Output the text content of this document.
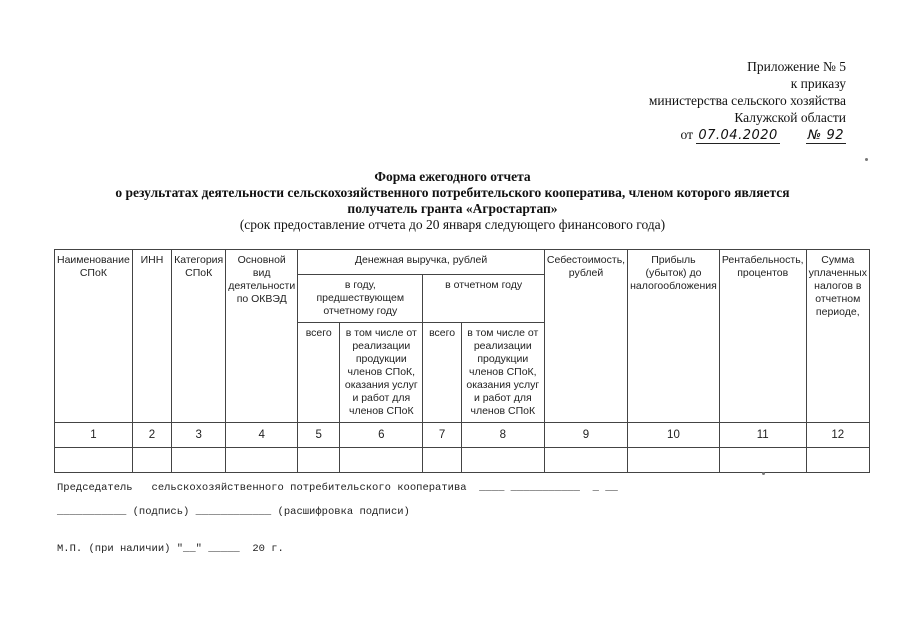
Приложение № 5
к приказу
министерства сельского хозяйства
Калужской области
от 07.04.2020 № 92
Форма ежегодного отчета
о результатах деятельности сельскохозяйственного потребительского кооператива, членом которого является
получатель гранта «Агростартап»
(срок предоставление отчета до 20 января следующего финансового года)
Наименование СПоК	ИНН	Категория СПоК	Основной вид деятельности по ОКВЭД	Денежная выручка, рублей				Себестоимость, рублей	Прибыль (убыток) до налогообложения	Рентабельность, процентов	Сумма уплаченных налогов в отчетном периоде,
				в году, предшествующем отчетному году		в отчетном году					
				всего	в том числе от реализации продукции членов СПоК, оказания услуг и работ для членов СПоК	всего	в том числе от реализации продукции членов СПоК, оказания услуг и работ для членов СПоК				
1	2	3	4	5	6	7	8	9	10	11	12

Председатель   сельскохозяйственного потребительского кооператива  ____ ___________  _ __
___________ (подпись) ____________ (расшифровка подписи)
М.П. (при наличии) "__" _____  20 г.
